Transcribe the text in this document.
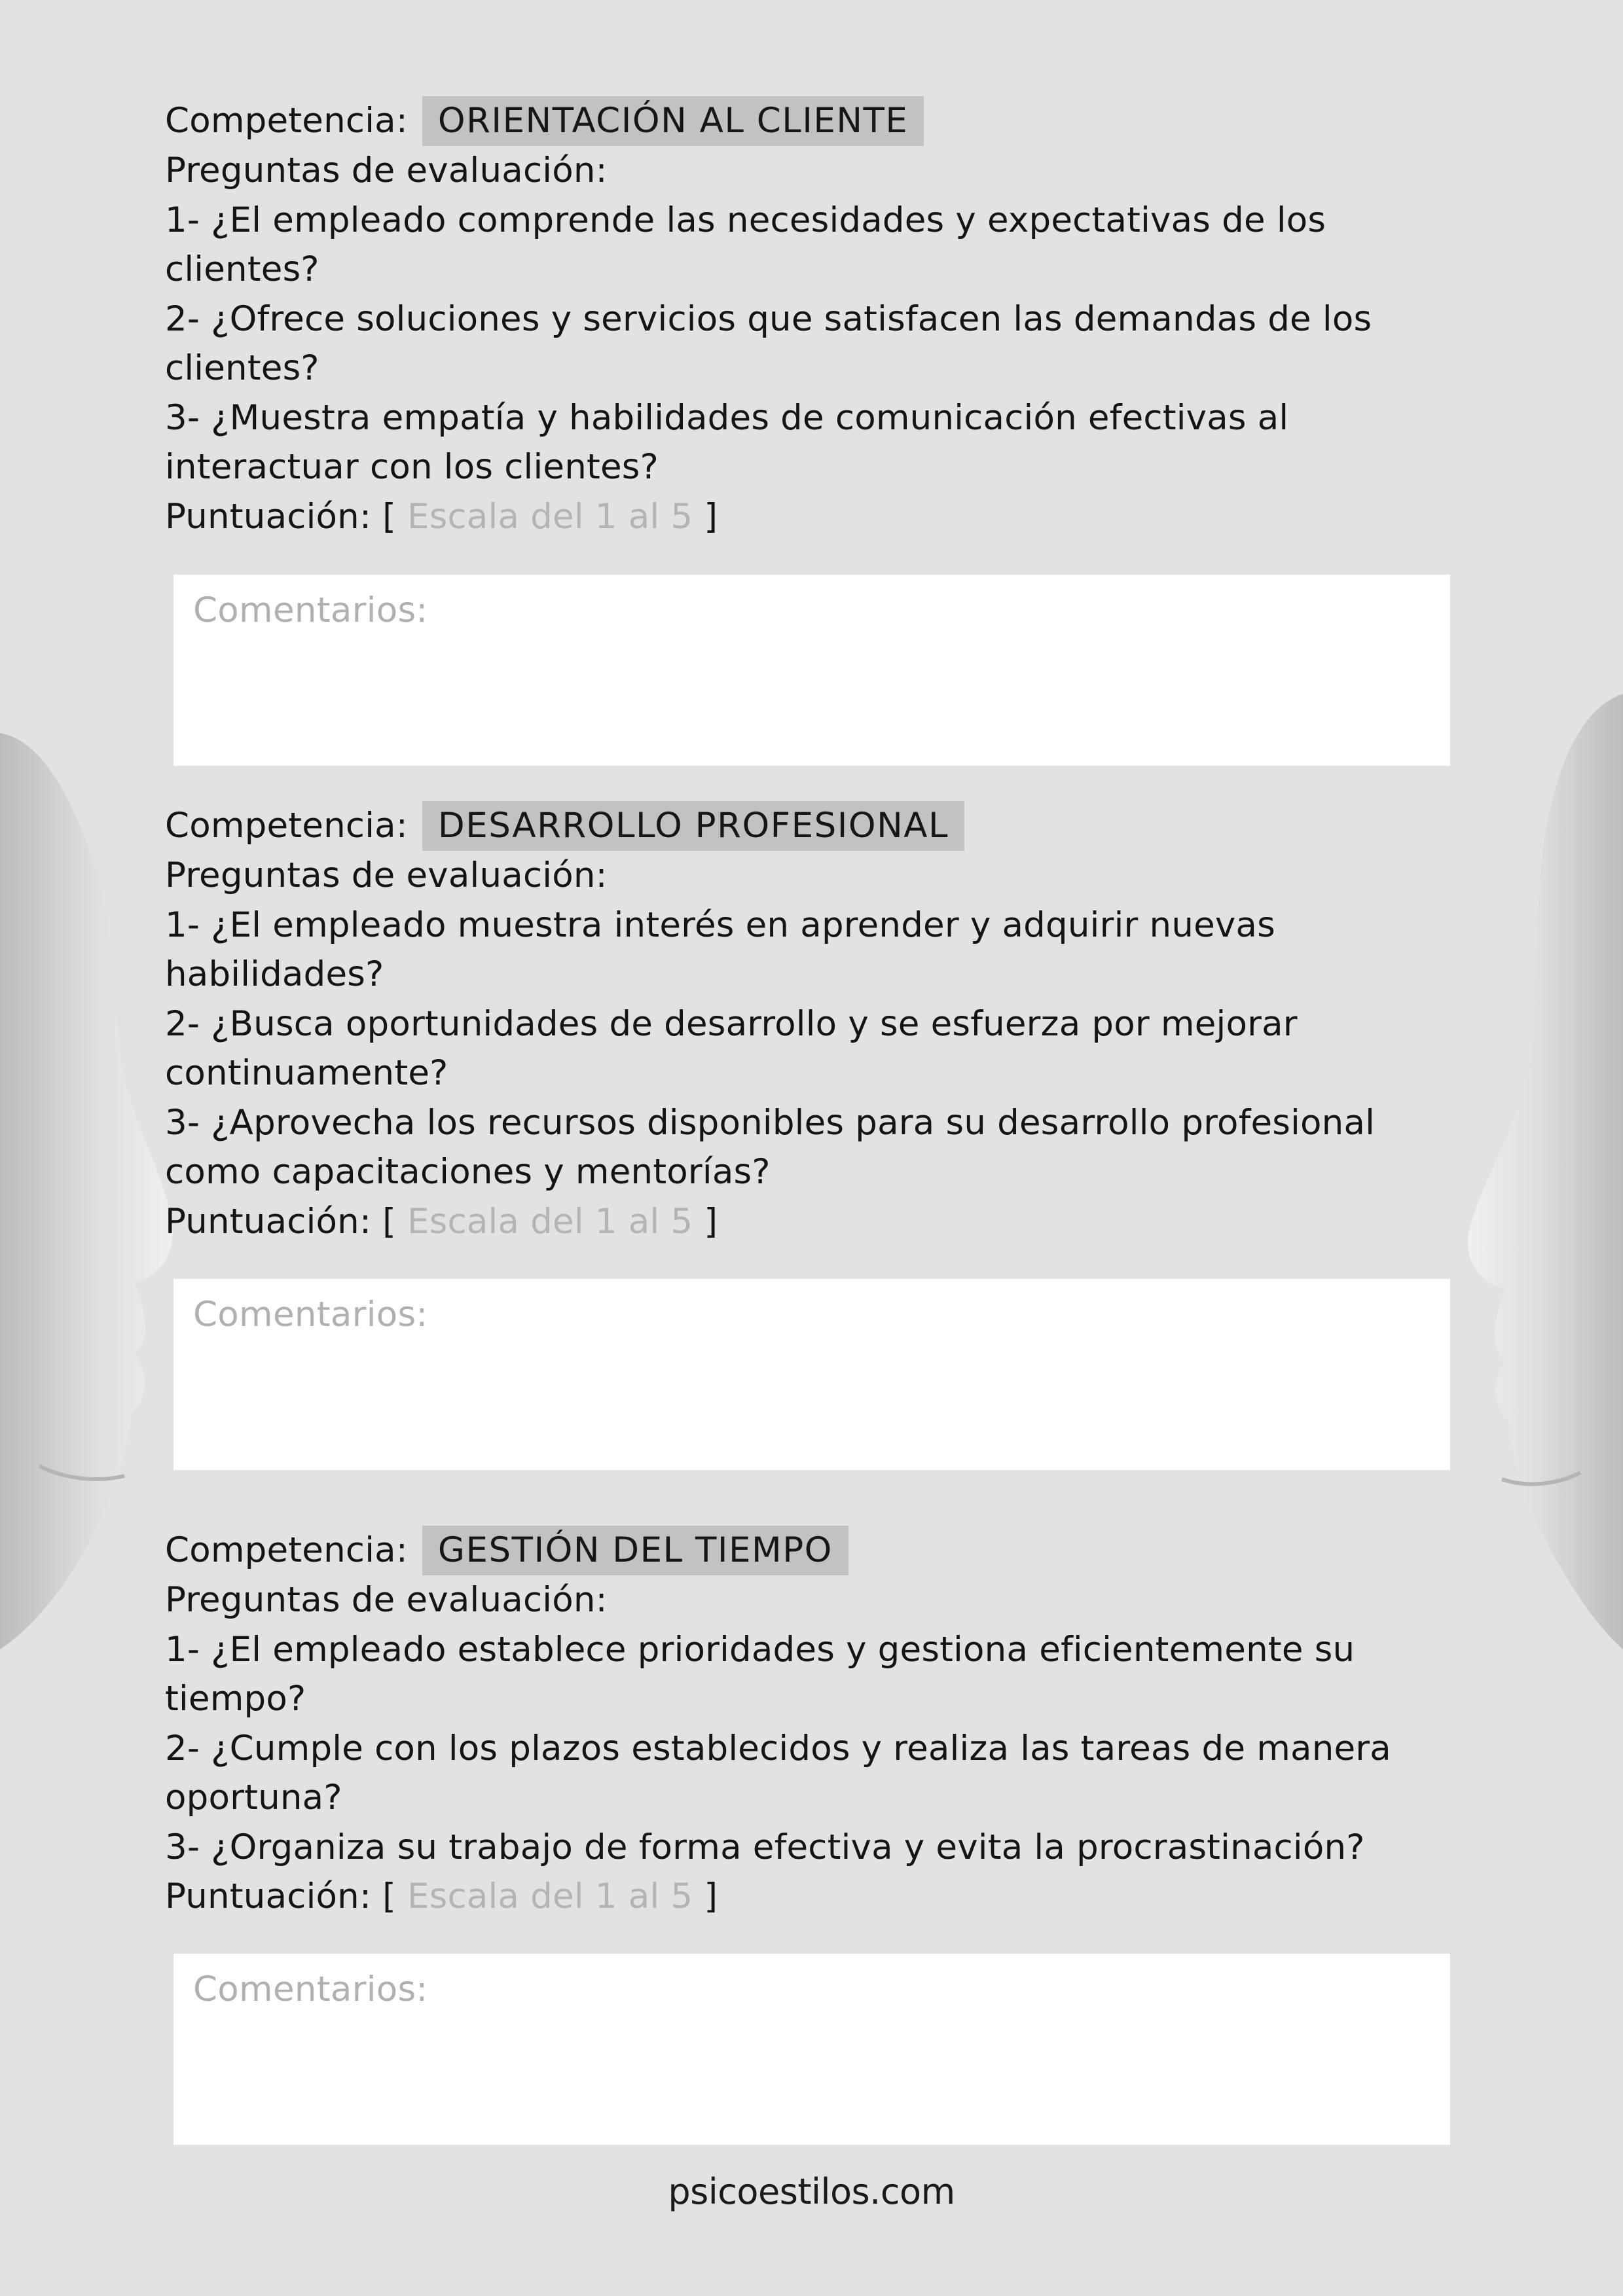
Competencia: ORIENTACIÓN AL CLIENTE
Preguntas de evaluación:
1- ¿El empleado comprende las necesidades y expectativas de los
clientes?
2- ¿Ofrece soluciones y servicios que satisfacen las demandas de los
clientes?
3- ¿Muestra empatía y habilidades de comunicación efectivas al
interactuar con los clientes?
Puntuación: [ Escala del 1 al 5 ]
Comentarios:
Competencia: DESARROLLO PROFESIONAL
Preguntas de evaluación:
1- ¿El empleado muestra interés en aprender y adquirir nuevas
habilidades?
2- ¿Busca oportunidades de desarrollo y se esfuerza por mejorar
continuamente?
3- ¿Aprovecha los recursos disponibles para su desarrollo profesional
como capacitaciones y mentorías?
Puntuación: [ Escala del 1 al 5 ]
Comentarios:
Competencia: GESTIÓN DEL TIEMPO
Preguntas de evaluación:
1- ¿El empleado establece prioridades y gestiona eficientemente su
tiempo?
2- ¿Cumple con los plazos establecidos y realiza las tareas de manera
oportuna?
3- ¿Organiza su trabajo de forma efectiva y evita la procrastinación?
Puntuación: [ Escala del 1 al 5 ]
Comentarios:
psicoestilos.com
